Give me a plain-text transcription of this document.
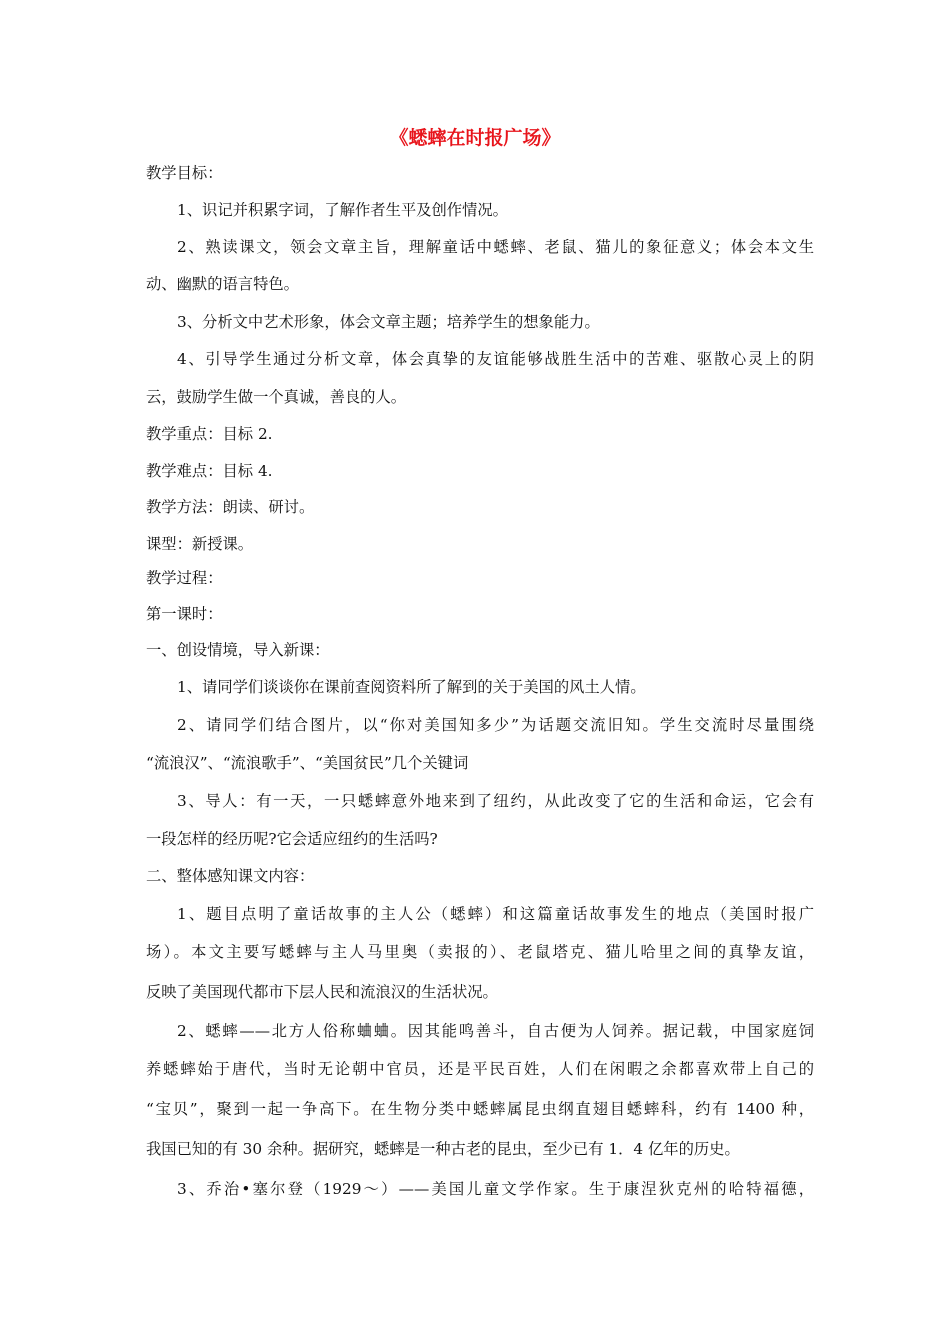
《蟋蟀在时报广场》
教学目标：
1、识记并积累字词，了解作者生平及创作情况。
2、熟读课文，领会文章主旨，理解童话中蟋蟀、老鼠、猫儿的象征意义；体会本文生
动、幽默的语言特色。
3、分析文中艺术形象，体会文章主题；培养学生的想象能力。
4、引导学生通过分析文章，体会真挚的友谊能够战胜生活中的苦难、驱散心灵上的阴
云，鼓励学生做一个真诚，善良的人。
教学重点：目标 2.
教学难点：目标 4.
教学方法：朗读、研讨。
课型：新授课。
教学过程：
第一课时：
一、创设情境，导入新课：
1、请同学们谈谈你在课前查阅资料所了解到的关于美国的风土人情。
2、请同学们结合图片，以“你对美国知多少”为话题交流旧知。学生交流时尽量围绕
“流浪汉”、“流浪歌手”、“美国贫民”几个关键词
3、导人：有一天，一只蟋蟀意外地来到了纽约，从此改变了它的生活和命运，它会有
一段怎样的经历呢?它会适应纽约的生活吗?
二、整体感知课文内容：
1、题目点明了童话故事的主人公（蟋蟀）和这篇童话故事发生的地点（美国时报广
场）。本文主要写蟋蟀与主人马里奥（卖报的）、老鼠塔克、猫儿哈里之间的真挚友谊，
反映了美国现代都市下层人民和流浪汉的生活状况。
2、蟋蟀——北方人俗称蛐蛐。因其能鸣善斗，自古便为人饲养。据记载，中国家庭饲
养蟋蟀始于唐代，当时无论朝中官员，还是平民百姓，人们在闲暇之余都喜欢带上自己的
“宝贝”，聚到一起一争高下。在生物分类中蟋蟀属昆虫纲直翅目蟋蟀科，约有 1400 种，
我国已知的有 30 余种。据研究，蟋蟀是一种古老的昆虫，至少已有 1．4 亿年的历史。
3、乔治•塞尔登（1929～）——美国儿童文学作家。生于康涅狄克州的哈特福德，
